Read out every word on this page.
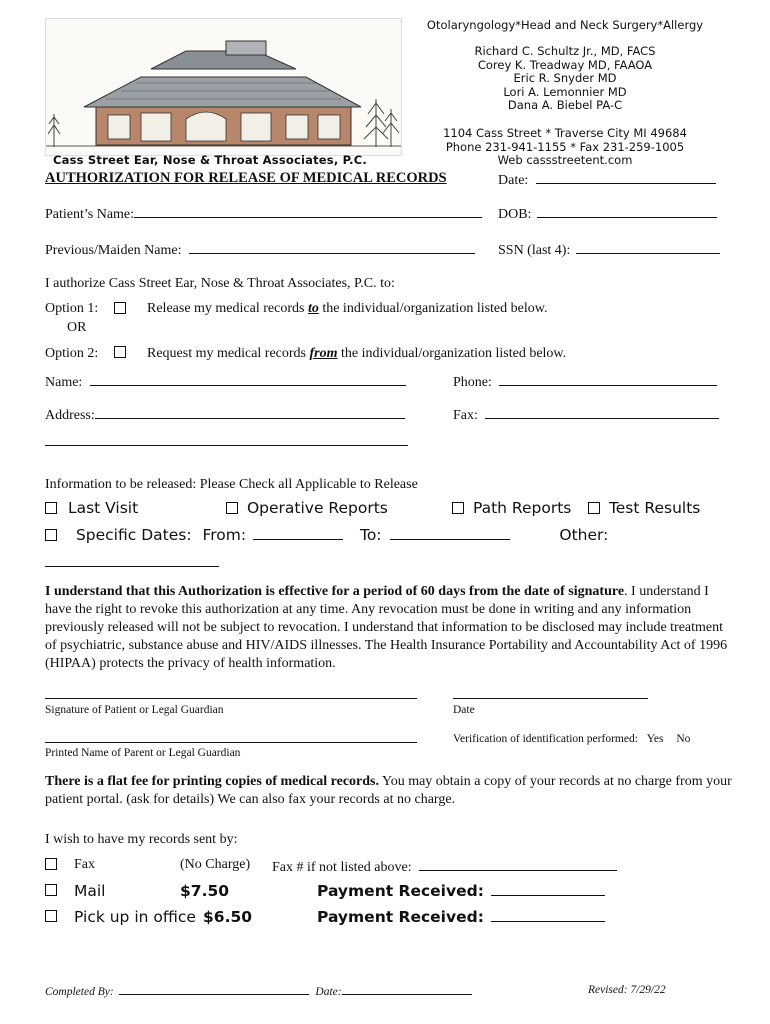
Cass Street Ear, Nose & Throat Associates, P.C.
Otolaryngology*Head and Neck Surgery*Allergy
Richard C. Schultz Jr., MD, FACS
Corey K. Treadway MD, FAAOA
Eric R. Snyder MD
Lori A. Lemonnier MD
Dana A. Biebel PA-C
1104 Cass Street * Traverse City MI 49684
Phone 231-941-1155 * Fax 231-259-1005
Web cassstreetent.com
AUTHORIZATION FOR RELEASE OF MEDICAL RECORDS	Date:
Patient’s Name:	DOB:
Previous/Maiden Name:	SSN (last 4):
I authorize Cass Street Ear, Nose & Throat Associates, P.C. to:
Option 1:	Release my medical records to the individual/organization listed below.
OR
Option 2:	Request my medical records from the individual/organization listed below.
Name:	Phone:
Address:	Fax:
Information to be released: Please Check all Applicable to Release
Last Visit	Operative Reports	Path Reports	Test Results
Specific Dates: From:	To:	Other:
I understand that this Authorization is effective for a period of 60 days from the date of signature. I understand I have the right to revoke this authorization at any time. Any revocation must be done in writing and any information previously released will not be subject to revocation. I understand that information to be disclosed may include treatment of psychiatric, substance abuse and HIV/AIDS illnesses. The Health Insurance Portability and Accountability Act of 1996 (HIPAA) protects the privacy of health information.
Signature of Patient or Legal Guardian	Date
Printed Name of Parent or Legal Guardian
Verification of identification performed: Yes No
There is a flat fee for printing copies of medical records. You may obtain a copy of your records at no charge from your patient portal. (ask for details) We can also fax your records at no charge.
I wish to have my records sent by:
Fax	(No Charge) Fax # if not listed above:
Mail	$7.50	Payment Received:
Pick up in office $6.50	Payment Received:
Completed By:	Date:	Revised: 7/29/22
